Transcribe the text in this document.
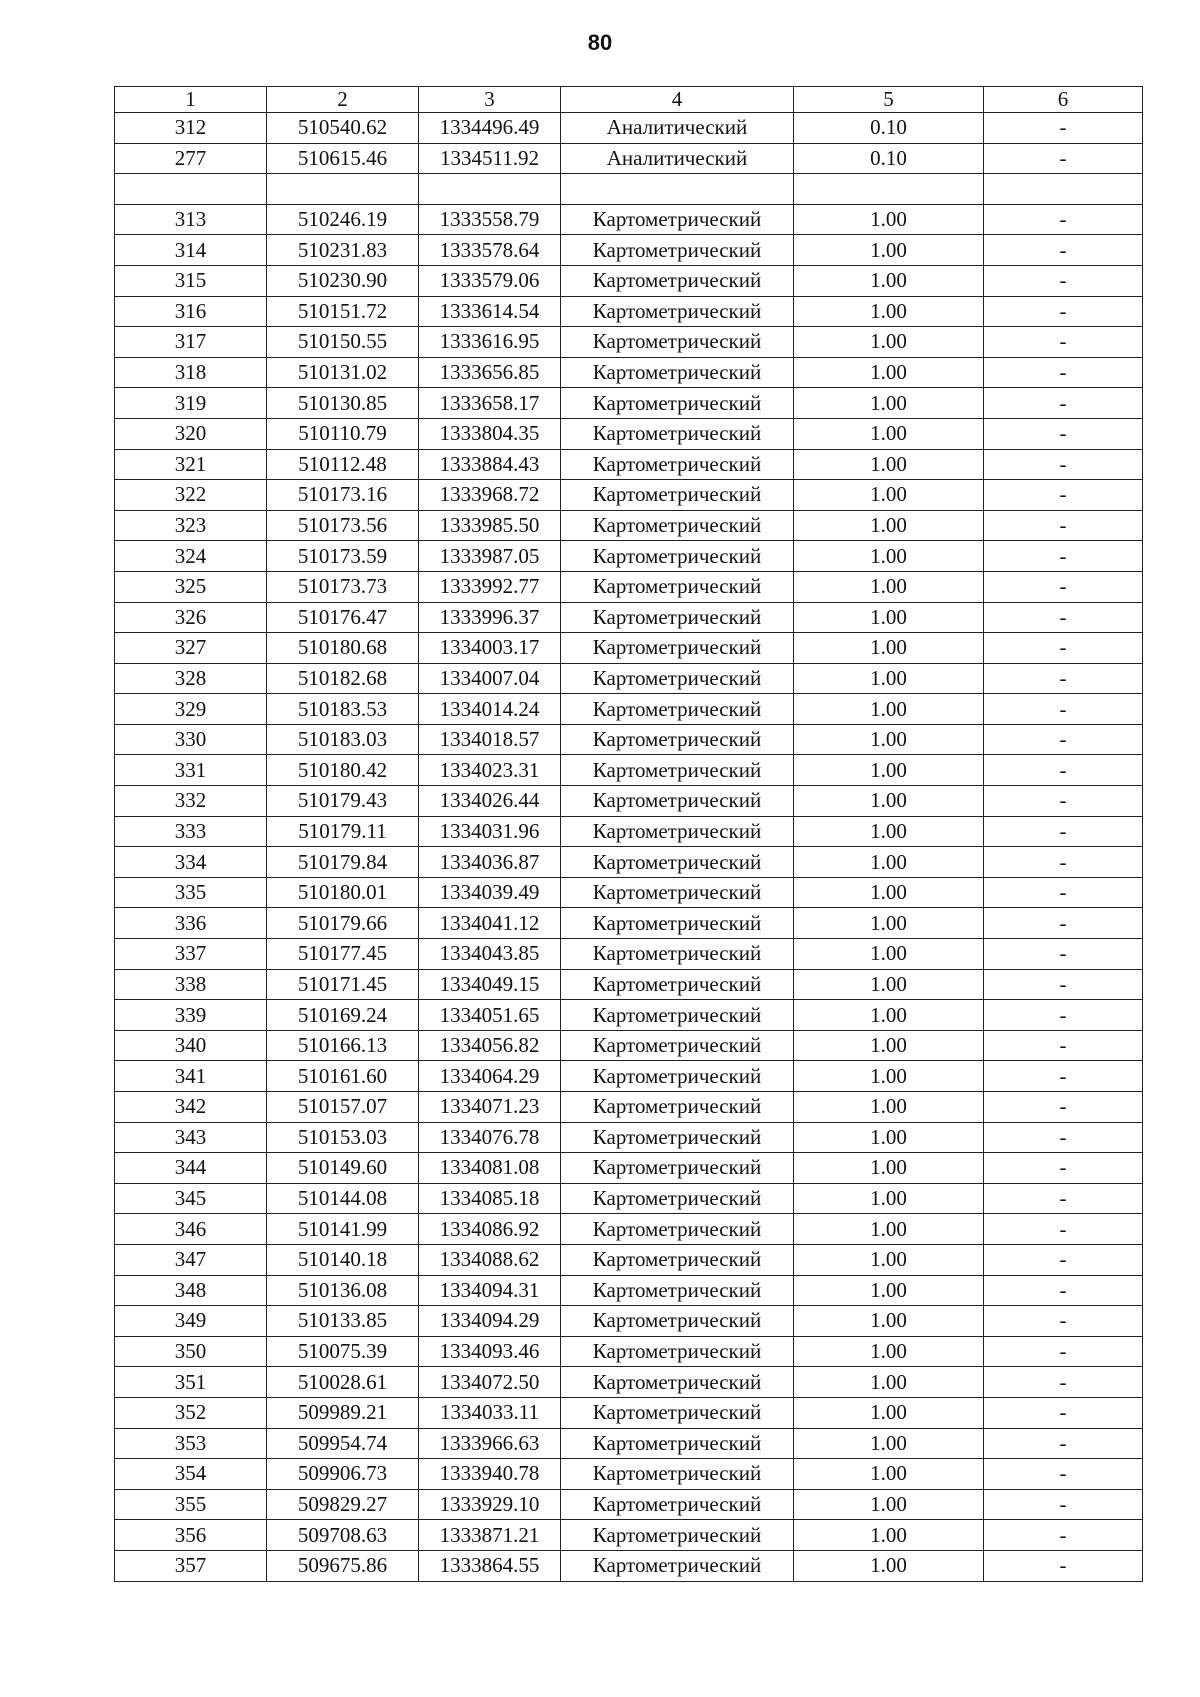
80
1	2	3	4	5	6
312	510540.62	1334496.49	Аналитический	0.10	-
277	510615.46	1334511.92	Аналитический	0.10	-

313	510246.19	1333558.79	Картометрический	1.00	-
314	510231.83	1333578.64	Картометрический	1.00	-
315	510230.90	1333579.06	Картометрический	1.00	-
316	510151.72	1333614.54	Картометрический	1.00	-
317	510150.55	1333616.95	Картометрический	1.00	-
318	510131.02	1333656.85	Картометрический	1.00	-
319	510130.85	1333658.17	Картометрический	1.00	-
320	510110.79	1333804.35	Картометрический	1.00	-
321	510112.48	1333884.43	Картометрический	1.00	-
322	510173.16	1333968.72	Картометрический	1.00	-
323	510173.56	1333985.50	Картометрический	1.00	-
324	510173.59	1333987.05	Картометрический	1.00	-
325	510173.73	1333992.77	Картометрический	1.00	-
326	510176.47	1333996.37	Картометрический	1.00	-
327	510180.68	1334003.17	Картометрический	1.00	-
328	510182.68	1334007.04	Картометрический	1.00	-
329	510183.53	1334014.24	Картометрический	1.00	-
330	510183.03	1334018.57	Картометрический	1.00	-
331	510180.42	1334023.31	Картометрический	1.00	-
332	510179.43	1334026.44	Картометрический	1.00	-
333	510179.11	1334031.96	Картометрический	1.00	-
334	510179.84	1334036.87	Картометрический	1.00	-
335	510180.01	1334039.49	Картометрический	1.00	-
336	510179.66	1334041.12	Картометрический	1.00	-
337	510177.45	1334043.85	Картометрический	1.00	-
338	510171.45	1334049.15	Картометрический	1.00	-
339	510169.24	1334051.65	Картометрический	1.00	-
340	510166.13	1334056.82	Картометрический	1.00	-
341	510161.60	1334064.29	Картометрический	1.00	-
342	510157.07	1334071.23	Картометрический	1.00	-
343	510153.03	1334076.78	Картометрический	1.00	-
344	510149.60	1334081.08	Картометрический	1.00	-
345	510144.08	1334085.18	Картометрический	1.00	-
346	510141.99	1334086.92	Картометрический	1.00	-
347	510140.18	1334088.62	Картометрический	1.00	-
348	510136.08	1334094.31	Картометрический	1.00	-
349	510133.85	1334094.29	Картометрический	1.00	-
350	510075.39	1334093.46	Картометрический	1.00	-
351	510028.61	1334072.50	Картометрический	1.00	-
352	509989.21	1334033.11	Картометрический	1.00	-
353	509954.74	1333966.63	Картометрический	1.00	-
354	509906.73	1333940.78	Картометрический	1.00	-
355	509829.27	1333929.10	Картометрический	1.00	-
356	509708.63	1333871.21	Картометрический	1.00	-
357	509675.86	1333864.55	Картометрический	1.00	-
